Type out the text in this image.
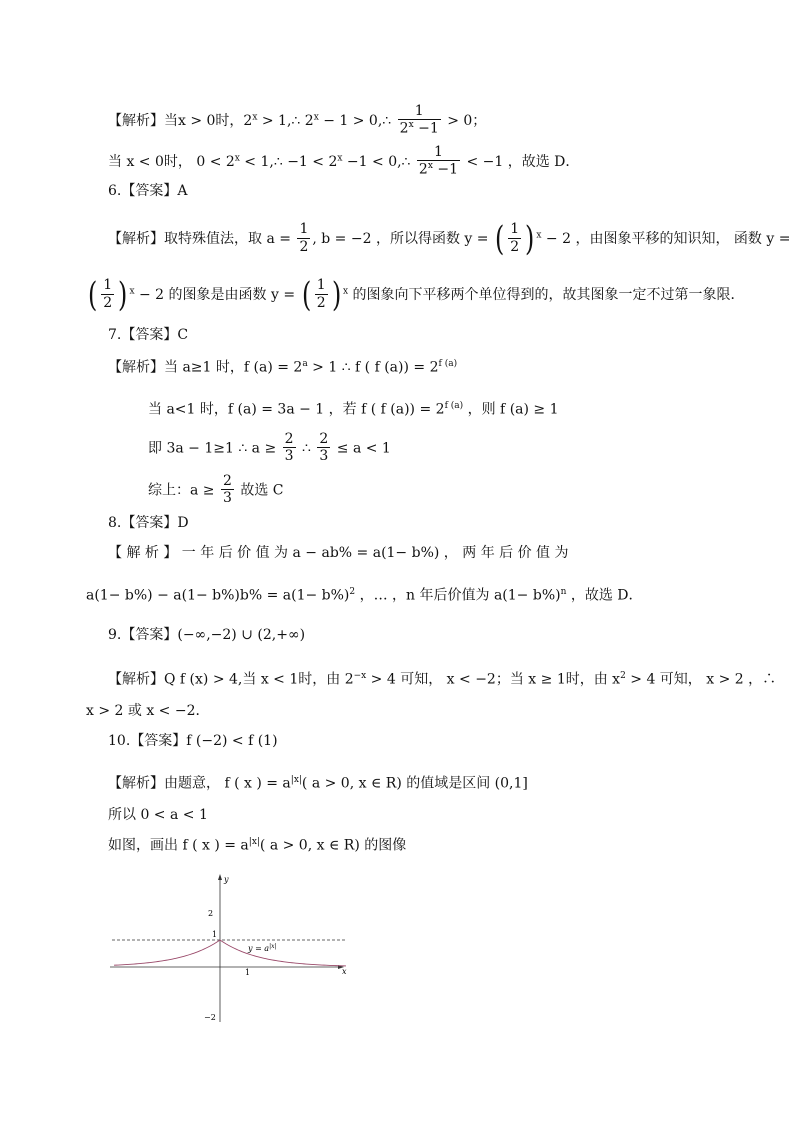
【解析】当x > 0时，$2^x$ > 1,∴ $2^x - 1$ > 0,∴ $\frac{1}{2^x -1} > 0$；
当 x < 0时， $0 < 2^x$ < 1,∴ $-1 < 2^x -1$ < 0,∴ $\frac{1}{2^x -1} < -1$ ，故选 D．
6.【答案】A
【解析】取特殊值法，取 $a = \frac{1}{2}$ , b = −2 ，所以得函数 y = ( $\frac{1}{2}$ ) $^x$ − 2 ，由图象平移的知识知， 函数 y =
( $\frac{1}{2}$ ) $^x$ − 2 的图象是由函数 y = ( $\frac{1}{2}$ ) $^x$ 的图象向下平移两个单位得到的，故其图象一定不过第一象限．
7.【答案】C
【解析】当 a≥1 时，f $(a) = 2^a > 1$ ∴ f ( f $(a)) = 2^{f (a)}$
当 a<1 时，f (a) = 3a − 1 ，若 f ( f $(a)) = 2^{f (a)}$ ，则 f (a) ≥ 1
即 3a − 1≥1 ∴ $a \ge \frac{2}{3}$ ∴ $\frac{2}{3} \le a < 1$
综上：$a \ge \frac{2}{3}$ 故选 C
8.【答案】D
【 解 析 】 一 年 后 价 值 为 a − ab% = a(1− b%) ， 两 年 后 价 值 为
$a(1- b\%) - a(1- b\%)b\% = a(1- b\%)^2$ ，… ，n 年后价值为 $a(1- b\%)^n$ ，故选 D．
9.【答案】(−∞,−2) ∪ (2,+∞)
【解析】Q f (x) > 4,当 x < 1时，由 $2^{-x} > 4$ 可知， x < −2；当 x ≥ 1时，由 $x^2 > 4$ 可知， x > 2 ，∴
x > 2 或 x < −2．
10.【答案】f (−2) < f (1)
【解析】由题意， f ( x ) = $a^{|x|}$( a > 0, x ∈ R) 的值域是区间 (0,1]
所以 0 < a < 1
如图，画出 f ( x ) = $a^{|x|}$( a > 0, x ∈ R) 的图像
x
y
2
1
−2
1
$y = a^{|x|}$
